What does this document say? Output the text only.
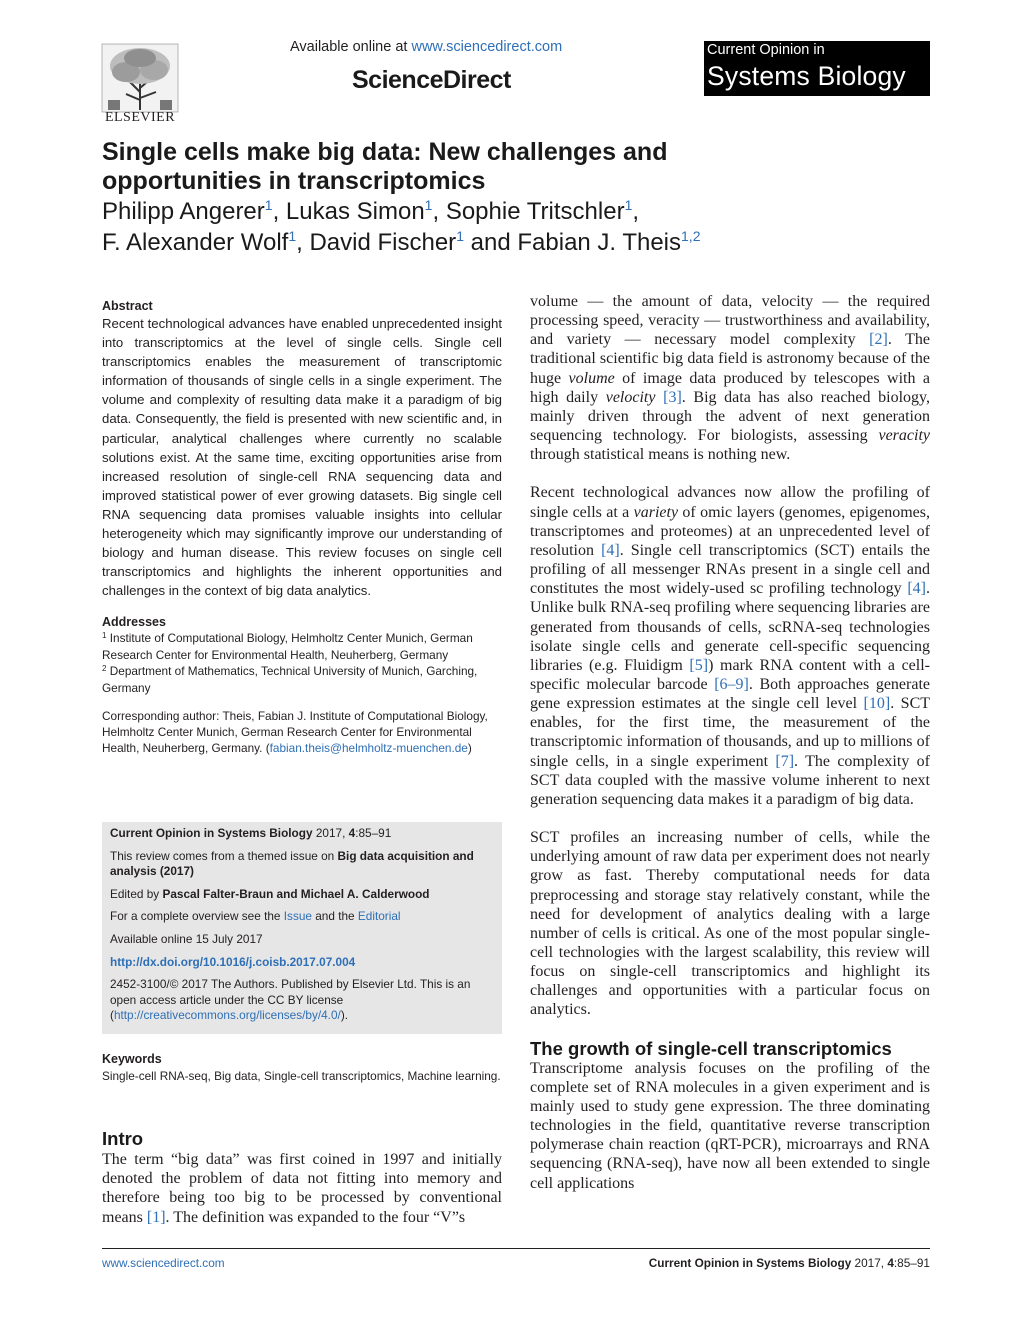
ELSEVIER
Available online at www.sciencedirect.com
ScienceDirect
Current Opinion in
Systems Biology
Single cells make big data: New challenges and opportunities in transcriptomics
Philipp Angerer$^1$, Lukas Simon$^1$, Sophie Tritschler$^1$,
F. Alexander Wolf$^1$, David Fischer$^1$ and Fabian J. Theis$^{1,2}$
Abstract
Recent technological advances have enabled unprecedented insight into transcriptomics at the level of single cells. Single cell transcriptomics enables the measurement of transcriptomic information of thousands of single cells in a single experiment. The volume and complexity of resulting data make it a paradigm of big data. Consequently, the field is presented with new scientific and, in particular, analytical challenges where currently no scalable solutions exist. At the same time, exciting opportunities arise from increased resolution of single-cell RNA sequencing data and improved statistical power of ever growing datasets. Big single cell RNA sequencing data promises valuable insights into cellular heterogeneity which may significantly improve our understanding of biology and human disease. This review focuses on single cell transcriptomics and highlights the inherent opportunities and challenges in the context of big data analytics.
Addresses
$^1$ Institute of Computational Biology, Helmholtz Center Munich, German Research Center for Environmental Health, Neuherberg, Germany
$^2$ Department of Mathematics, Technical University of Munich, Garching, Germany
Corresponding author: Theis, Fabian J. Institute of Computational Biology, Helmholtz Center Munich, German Research Center for Environmental Health, Neuherberg, Germany. (fabian.theis@helmholtz-muenchen.de)

Current Opinion in Systems Biology 2017, 4:85–91

This review comes from a themed issue on Big data acquisition and analysis (2017)

Edited by Pascal Falter-Braun and Michael A. Calderwood

For a complete overview see the Issue and the Editorial

Available online 15 July 2017

http://dx.doi.org/10.1016/j.coisb.2017.07.004

2452-3100/© 2017 The Authors. Published by Elsevier Ltd. This is an open access article under the CC BY license (http://creativecommons.org/licenses/by/4.0/).

Keywords
Single-cell RNA-seq, Big data, Single-cell transcriptomics, Machine learning.
Intro
The term “big data” was first coined in 1997 and initially denoted the problem of data not fitting into memory and therefore being too big to be processed by conventional means [1]. The definition was expanded to the four “V”s

volume — the amount of data, velocity — the required processing speed, veracity — trustworthiness and availability, and variety — necessary model complexity [2]. The traditional scientific big data field is astronomy because of the huge volume of image data produced by telescopes with a high daily velocity [3]. Big data has also reached biology, mainly driven through the advent of next generation sequencing technology. For biologists, assessing veracity through statistical means is nothing new.

Recent technological advances now allow the profiling of single cells at a variety of omic layers (genomes, epigenomes, transcriptomes and proteomes) at an unprecedented level of resolution [4]. Single cell transcriptomics (SCT) entails the profiling of all messenger RNAs present in a single cell and constitutes the most widely-used sc profiling technology [4]. Unlike bulk RNA-seq profiling where sequencing libraries are generated from thousands of cells, scRNA-seq technologies isolate single cells and generate cell-specific sequencing libraries (e.g. Fluidigm [5]) mark RNA content with a cell-specific molecular barcode [6–9]. Both approaches generate gene expression estimates at the single cell level [10]. SCT enables, for the first time, the measurement of the transcriptomic information of thousands, and up to millions of single cells, in a single experiment [7]. The complexity of SCT data coupled with the massive volume inherent to next generation sequencing data makes it a paradigm of big data.

SCT profiles an increasing number of cells, while the underlying amount of raw data per experiment does not nearly grow as fast. Thereby computational needs for data preprocessing and storage stay relatively constant, while the need for development of analytics dealing with a large number of cells is critical. As one of the most popular single-cell technologies with the largest scalability, this review will focus on single-cell transcriptomics and highlight its challenges and opportunities with a particular focus on analytics.

The growth of single-cell transcriptomics

Transcriptome analysis focuses on the profiling of the complete set of RNA molecules in a given experiment and is mainly used to study gene expression. The three dominating technologies in the field, quantitative reverse transcription polymerase chain reaction (qRT-PCR), microarrays and RNA sequencing (RNA-seq), have now all been extended to single cell applications

www.sciencedirect.com	Current Opinion in Systems Biology 2017, 4:85–91
